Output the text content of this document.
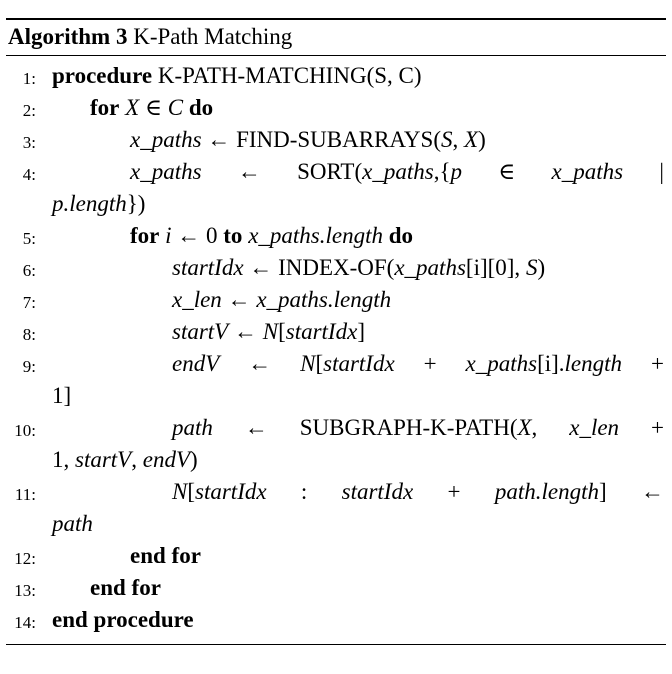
Algorithm 3 K-Path Matching
1:
2:
3:
4:
5:
6:
7:
8:
9:
10:
11:
12:
13:
14:
procedure K-PATH-MATCHING(S, C)
for X ∈ C do
x_paths ← FIND-SUBARRAYS(S, X)
x_paths ← SORT(x_paths,{p ∈ x_paths |
p.length})
for i ← 0 to x_paths.length do
startIdx ← INDEX-OF(x_paths[i][0], S)
x_len ← x_paths.length
startV ← N[startIdx]
endV ← N[startIdx + x_paths[i].length +
1]
path ← SUBGRAPH-K-PATH(X, x_len +
1, startV, endV)
N[startIdx : startIdx + path.length] ←
path
end for
end for
end procedure
